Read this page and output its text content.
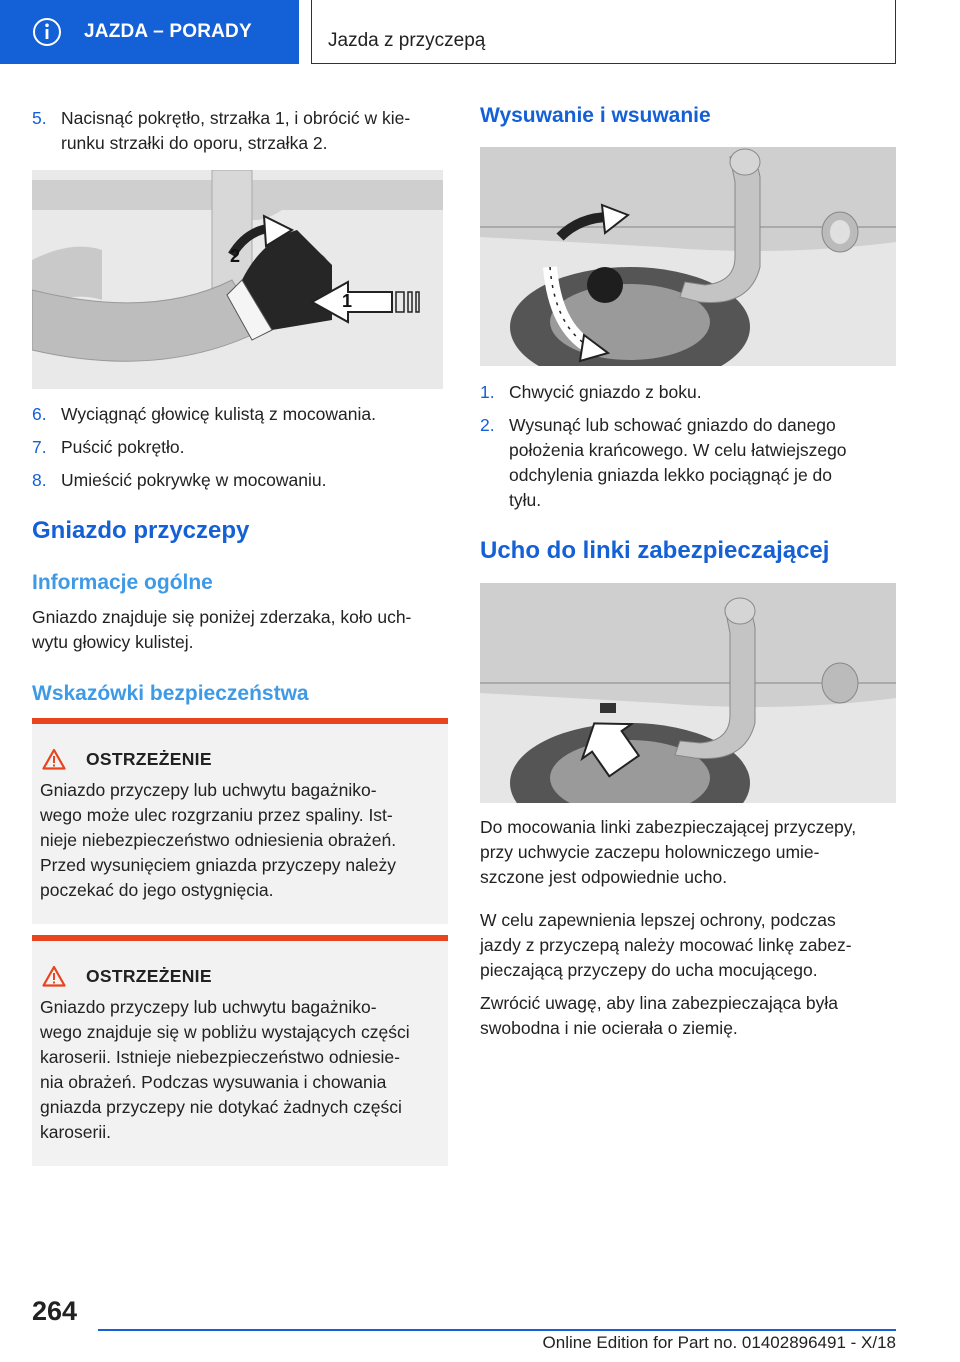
JAZDA – PORADY	Jazda z przyczepą
5. Nacisnąć pokrętło, strzałka 1, i obrócić w kie‐
runku strzałki do oporu, strzałka 2.
2
1
6. Wyciągnąć głowicę kulistą z mocowania.
7. Puścić pokrętło.
8. Umieścić pokrywkę w mocowaniu.
Gniazdo przyczepy
Informacje ogólne
Gniazdo znajduje się poniżej zderzaka, koło uch‐
wytu głowicy kulistej.
Wskazówki bezpieczeństwa
OSTRZEŻENIE
Gniazdo przyczepy lub uchwytu bagażniko‐
wego może ulec rozgrzaniu przez spaliny. Ist‐
nieje niebezpieczeństwo odniesienia obrażeń.
Przed wysunięciem gniazda przyczepy należy
poczekać do jego ostygnięcia.
OSTRZEŻENIE
Gniazdo przyczepy lub uchwytu bagażniko‐
wego znajduje się w pobliżu wystających części
karoserii. Istnieje niebezpieczeństwo odniesie‐
nia obrażeń. Podczas wysuwania i chowania
gniazda przyczepy nie dotykać żadnych części
karoserii.
Wysuwanie i wsuwanie
1. Chwycić gniazdo z boku.
2. Wysunąć lub schować gniazdo do danego
położenia krańcowego. W celu łatwiejszego
odchylenia gniazda lekko pociągnąć je do
tyłu.
Ucho do linki zabezpieczającej
Do mocowania linki zabezpieczającej przyczepy,
przy uchwycie zaczepu holowniczego umie‐
szczone jest odpowiednie ucho.
W celu zapewnienia lepszej ochrony, podczas
jazdy z przyczepą należy mocować linkę zabez‐
pieczającą przyczepy do ucha mocującego.
Zwrócić uwagę, aby lina zabezpieczająca była
swobodna i nie ocierała o ziemię.
264
Online Edition for Part no. 01402896491 - X/18
